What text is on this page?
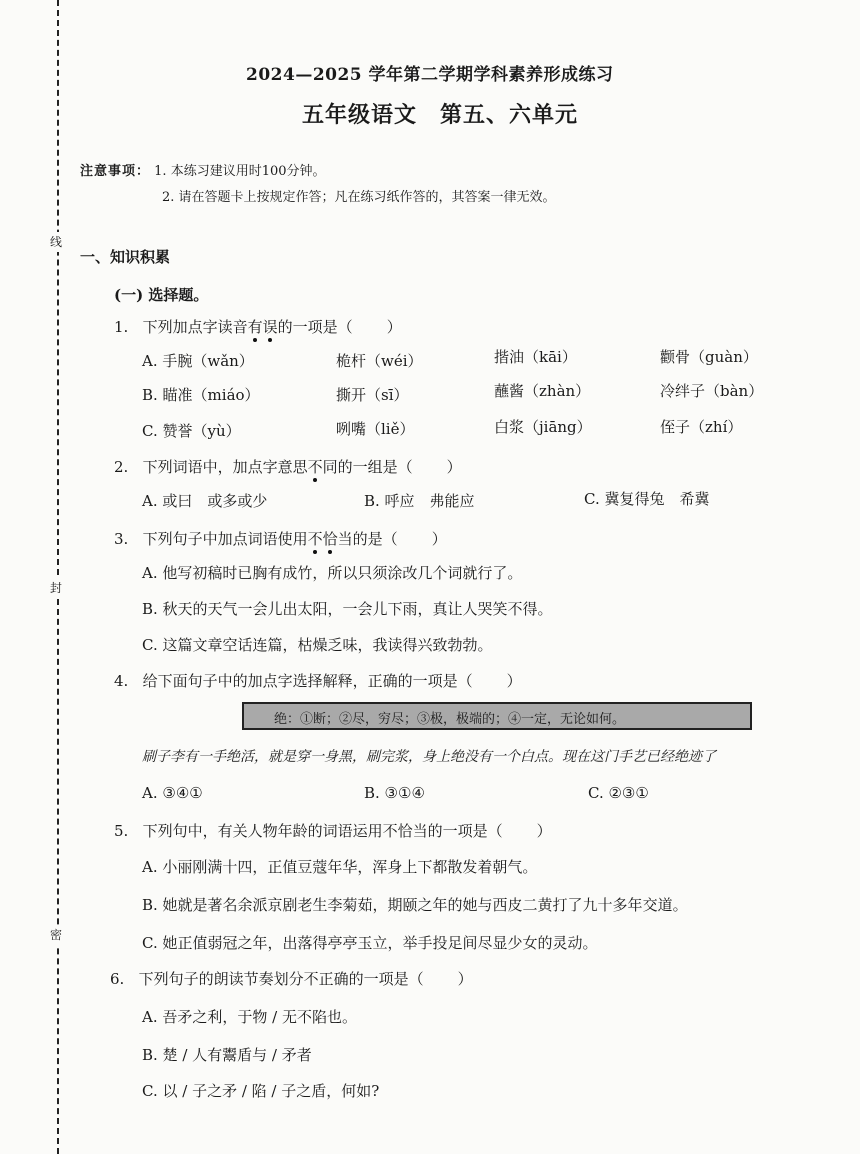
线
封
密
2024—2025 学年第二学期学科素养形成练习
五年级语文　第五、六单元
注意事项： 1. 本练习建议用时100分钟。
2. 请在答题卡上按规定作答；凡在练习纸作答的，其答案一律无效。
一、知识积累
(一) 选择题。
1. 下列加点字读音有误的一项是（ ）
A. 手腕（wǎn）	桅杆（wéi）	揩油（kāi）	颧骨（guàn）
B. 瞄准（miáo）	撕开（sī）	蘸酱（zhàn）	冷绊子（bàn）
C. 赞誉（yù）	咧嘴（liě）	白浆（jiāng）	侄子（zhí）
2. 下列词语中，加点字意思不同的一组是（ ）
A. 或曰　或多或少	B. 呼应　弗能应	C. 冀复得兔　希冀
3. 下列句子中加点词语使用不恰当的是（ ）
A. 他写初稿时已胸有成竹，所以只须涂改几个词就行了。
B. 秋天的天气一会儿出太阳，一会儿下雨，真让人哭笑不得。
C. 这篇文章空话连篇，枯燥乏味，我读得兴致勃勃。
4. 给下面句子中的加点字选择解释，正确的一项是（ ）
绝：①断；②尽，穷尽；③极，极端的；④一定，无论如何。
刷子李有一手绝活，就是穿一身黑，刷完浆，身上绝没有一个白点。现在这门手艺已经绝迹了
A. ③④①	B. ③①④	C. ②③①
5. 下列句中，有关人物年龄的词语运用不恰当的一项是（ ）
A. 小丽刚满十四，正值豆蔻年华，浑身上下都散发着朝气。
B. 她就是著名余派京剧老生李菊茹，期颐之年的她与西皮二黄打了九十多年交道。
C. 她正值弱冠之年，出落得亭亭玉立，举手投足间尽显少女的灵动。
6. 下列句子的朗读节奏划分不正确的一项是（ ）
A. 吾矛之利，于物 / 无不陷也。
B. 楚 / 人有鬻盾与 / 矛者
C. 以 / 子之矛 / 陷 / 子之盾，何如?
